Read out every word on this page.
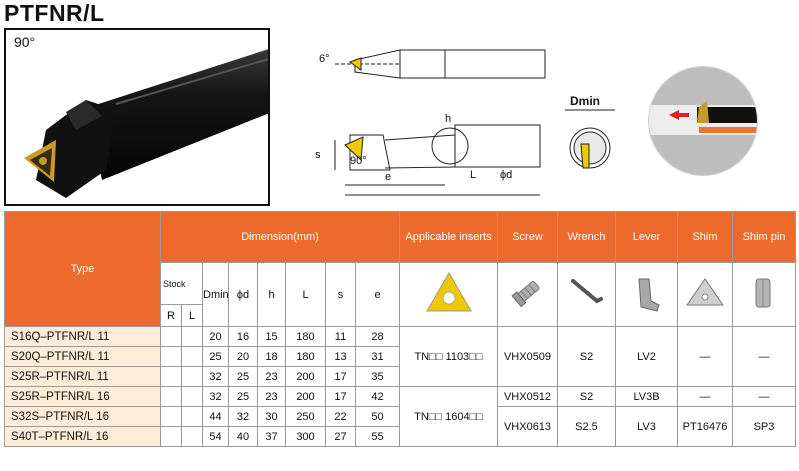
PTFNR/L
90°
6°
s	90°
e
h
L ϕd
Dmin
Type	Dimension(mm)								Applicable inserts	Screw	Wrench	Lever	Shim	Shim pin
	Stock		Dmin	ϕd	h	L	s	e						
	R	L												
S16Q–PTFNR/L 11			20	16	15	180	11	28	TN□□ 1103□□	VHX0509	S2	LV2	—	—
S20Q–PTFNR/L 11			25	20	18	180	13	31						
S25R–PTFNR/L 11			32	25	23	200	17	35						
S25R–PTFNR/L 16			32	25	23	200	17	42	TN□□ 1604□□	VHX0512	S2	LV3B	—	—
S32S–PTFNR/L 16			44	32	30	250	22	50		VHX0613	S2.5	LV3	PT16476	SP3
S40T–PTFNR/L 16			54	40	37	300	27	55						
